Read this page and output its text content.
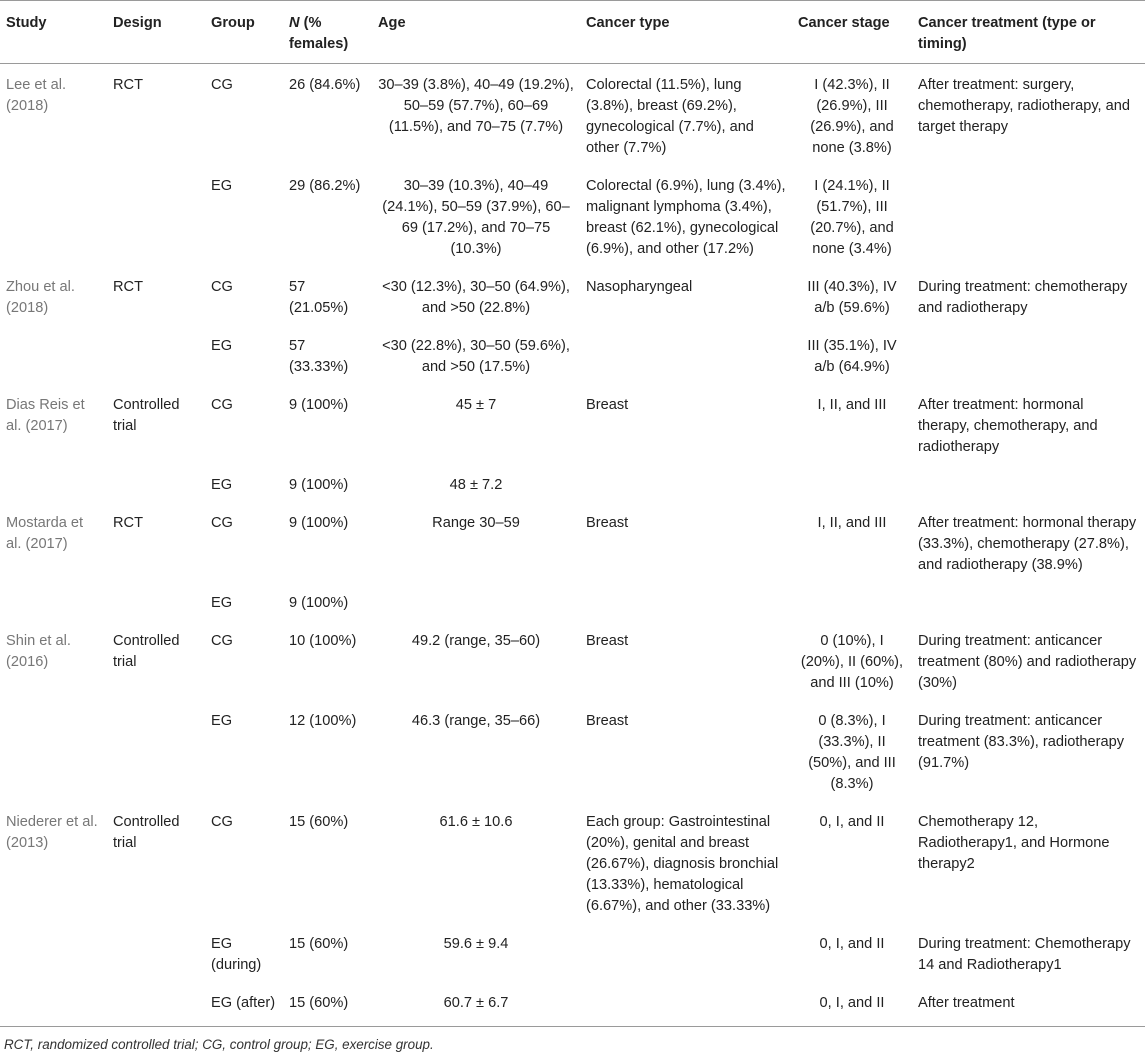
Study	Design	Group	N (% females)	Age	Cancer type	Cancer stage	Cancer treatment (type or timing)
Lee et al. (2018)	RCT	CG	26 (84.6%)	30–39 (3.8%), 40–49 (19.2%), 50–59 (57.7%), 60–69 (11.5%), and 70–75 (7.7%)	Colorectal (11.5%), lung (3.8%), breast (69.2%), gynecological (7.7%), and other (7.7%)	I (42.3%), II (26.9%), III (26.9%), and none (3.8%)	After treatment: surgery, chemotherapy, radiotherapy, and target therapy
		EG	29 (86.2%)	30–39 (10.3%), 40–49 (24.1%), 50–59 (37.9%), 60–69 (17.2%), and 70–75 (10.3%)	Colorectal (6.9%), lung (3.4%), malignant lymphoma (3.4%), breast (62.1%), gynecological (6.9%), and other (17.2%)	I (24.1%), II (51.7%), III (20.7%), and none (3.4%)	
Zhou et al. (2018)	RCT	CG	57 (21.05%)	<30 (12.3%), 30–50 (64.9%), and >50 (22.8%)	Nasopharyngeal	III (40.3%), IV a/b (59.6%)	During treatment: chemotherapy and radiotherapy
		EG	57 (33.33%)	<30 (22.8%), 30–50 (59.6%), and >50 (17.5%)		III (35.1%), IV a/b (64.9%)	
Dias Reis et al. (2017)	Controlled trial	CG	9 (100%)	45 ± 7	Breast	I, II, and III	After treatment: hormonal therapy, chemotherapy, and radiotherapy
		EG	9 (100%)	48 ± 7.2			
Mostarda et al. (2017)	RCT	CG	9 (100%)	Range 30–59	Breast	I, II, and III	After treatment: hormonal therapy (33.3%), chemotherapy (27.8%), and radiotherapy (38.9%)
		EG	9 (100%)				
Shin et al. (2016)	Controlled trial	CG	10 (100%)	49.2 (range, 35–60)	Breast	0 (10%), I (20%), II (60%), and III (10%)	During treatment: anticancer treatment (80%) and radiotherapy (30%)
		EG	12 (100%)	46.3 (range, 35–66)	Breast	0 (8.3%), I (33.3%), II (50%), and III (8.3%)	During treatment: anticancer treatment (83.3%), radiotherapy (91.7%)
Niederer et al. (2013)	Controlled trial	CG	15 (60%)	61.6 ± 10.6	Each group: Gastrointestinal (20%), genital and breast (26.67%), diagnosis bronchial (13.33%), hematological (6.67%), and other (33.33%)	0, I, and II	Chemotherapy 12, Radiotherapy1, and Hormone therapy2
		EG (during)	15 (60%)	59.6 ± 9.4		0, I, and II	During treatment: Chemotherapy 14 and Radiotherapy1
		EG (after)	15 (60%)	60.7 ± 6.7		0, I, and II	After treatment
RCT, randomized controlled trial; CG, control group; EG, exercise group.
